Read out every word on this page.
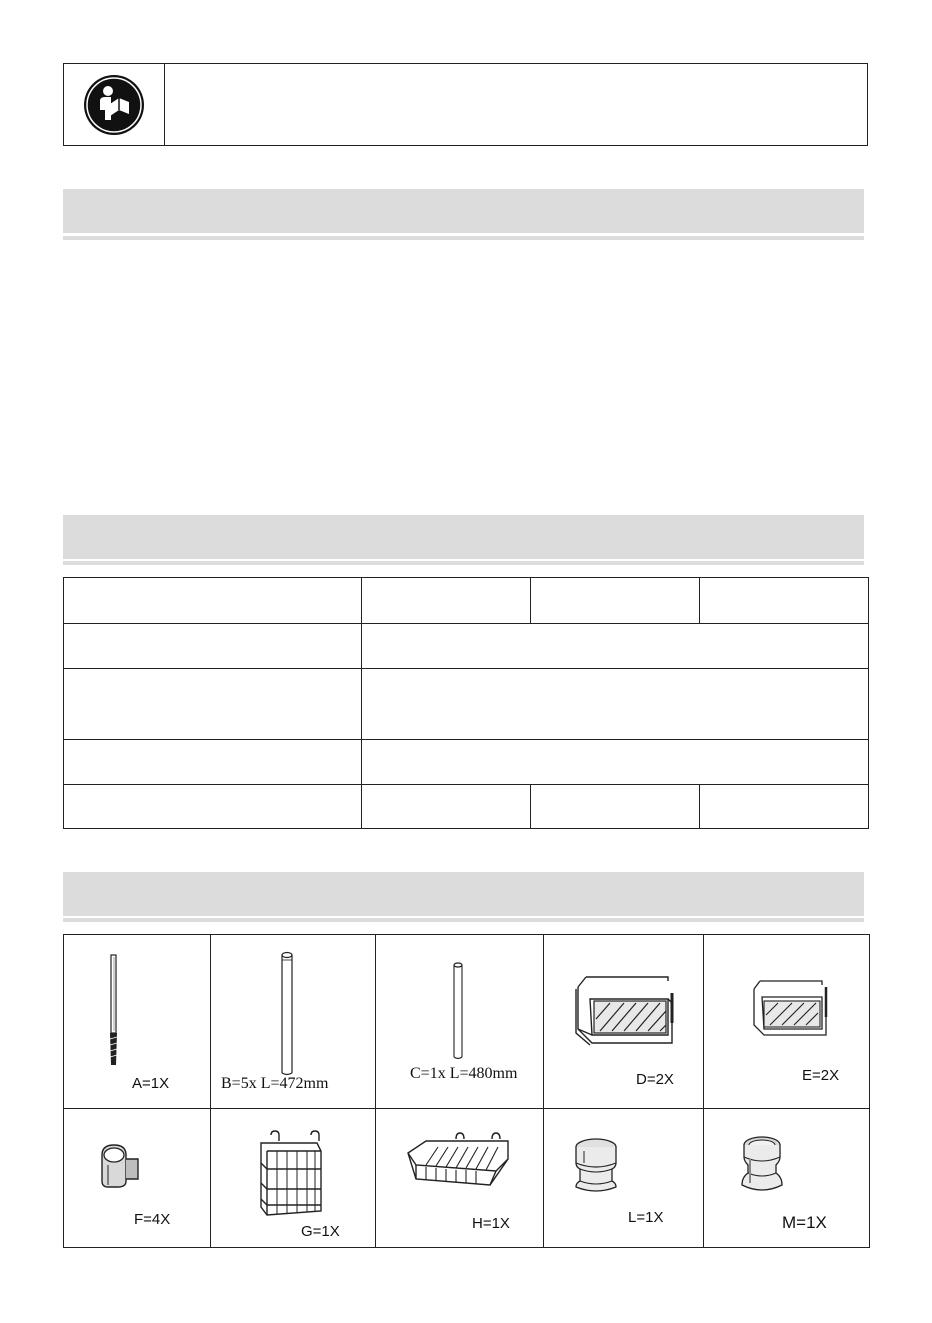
A=1X	B=5x L=472mm	C=1x L=480mm	D=2X	E=2X

F=4X	G=1X	H=1X	L=1X	M=1X
